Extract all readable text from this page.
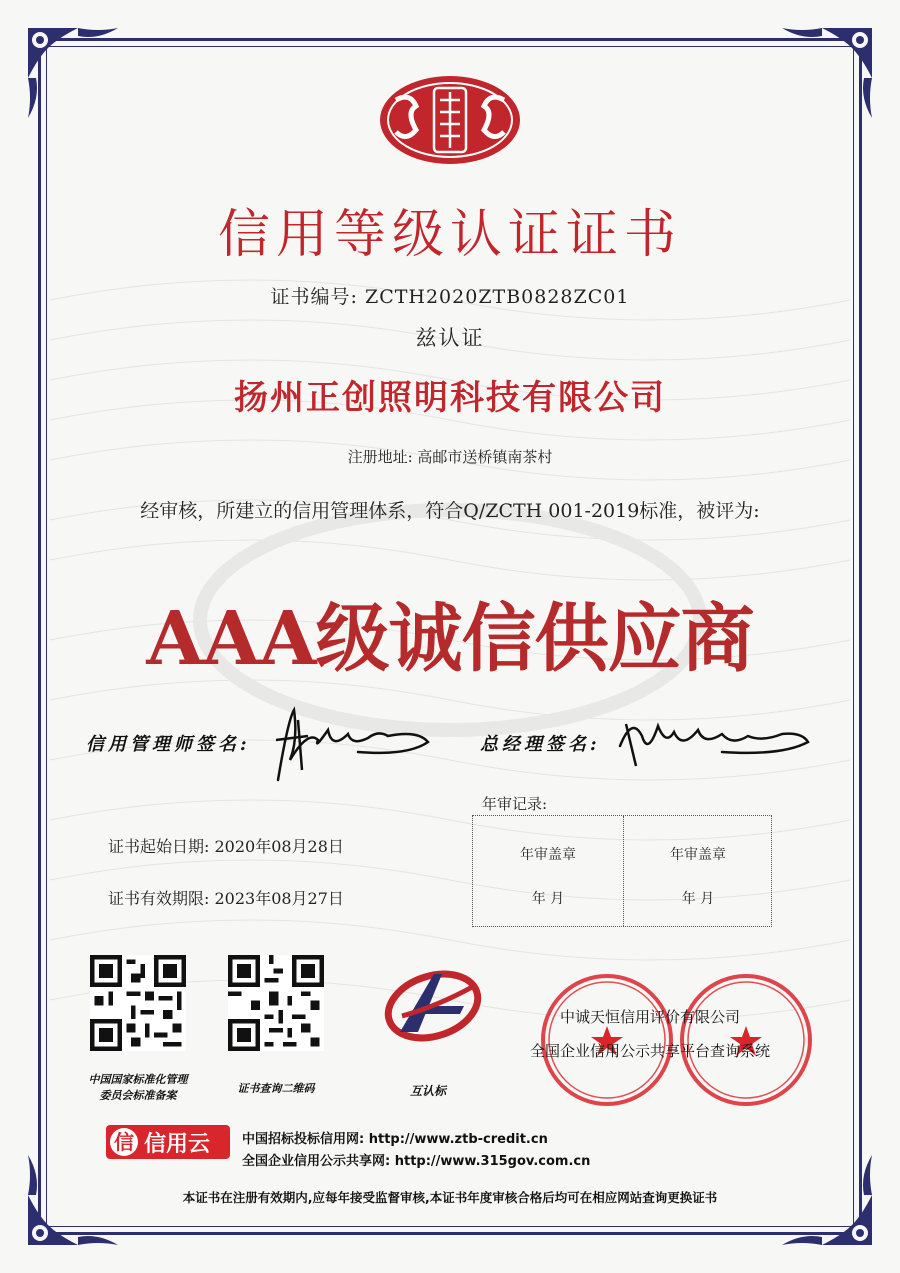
信用等级认证证书
证书编号: ZCTH2020ZTB0828ZC01
兹认证
扬州正创照明科技有限公司
注册地址: 高邮市送桥镇南茶村
经审核，所建立的信用管理体系，符合Q/ZCTH 001-2019标准，被评为:
AAA级诚信供应商
信用管理师签名:	总经理签名:
年审记录:
年审盖章
年 月
年审盖章
年 月
证书起始日期: 2020年08月28日
证书有效期限: 2023年08月27日
中国国家标准化管理
委员会标准备案
证书查询二维码	互认标
中诚天恒信用评价有限公司
全国企业信用公示共享平台查询系统
信 信用云 中国招标投标信用网: http://www.ztb-credit.cn
全国企业信用公示共享网: http://www.315gov.com.cn
本证书在注册有效期内,应每年接受监督审核,本证书年度审核合格后均可在相应网站查询更换证书
